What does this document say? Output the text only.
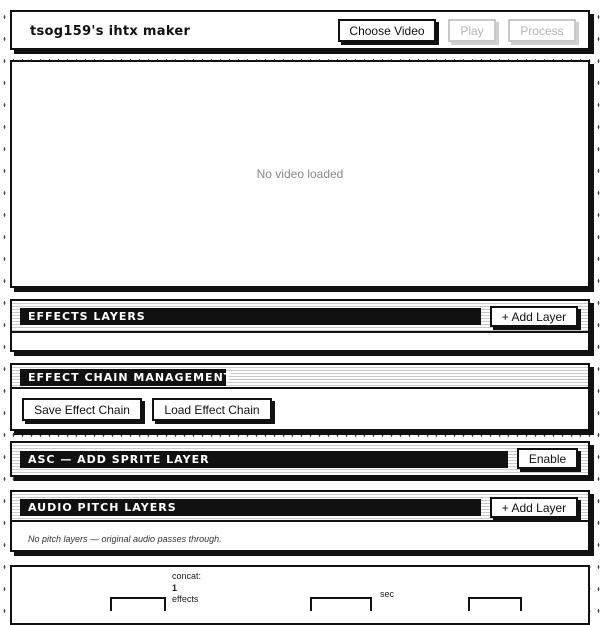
tsog159's ihtx maker	Choose Video	Play	Process
No video loaded
EFFECTS LAYERS	+ Add Layer
EFFECT CHAIN MANAGEMENT
Save Effect Chain	Load Effect Chain
ASC — ADD SPRITE LAYER	Enable
AUDIO PITCH LAYERS	+ Add Layer
No pitch layers — original audio passes through.
concat:
1
effects	sec
